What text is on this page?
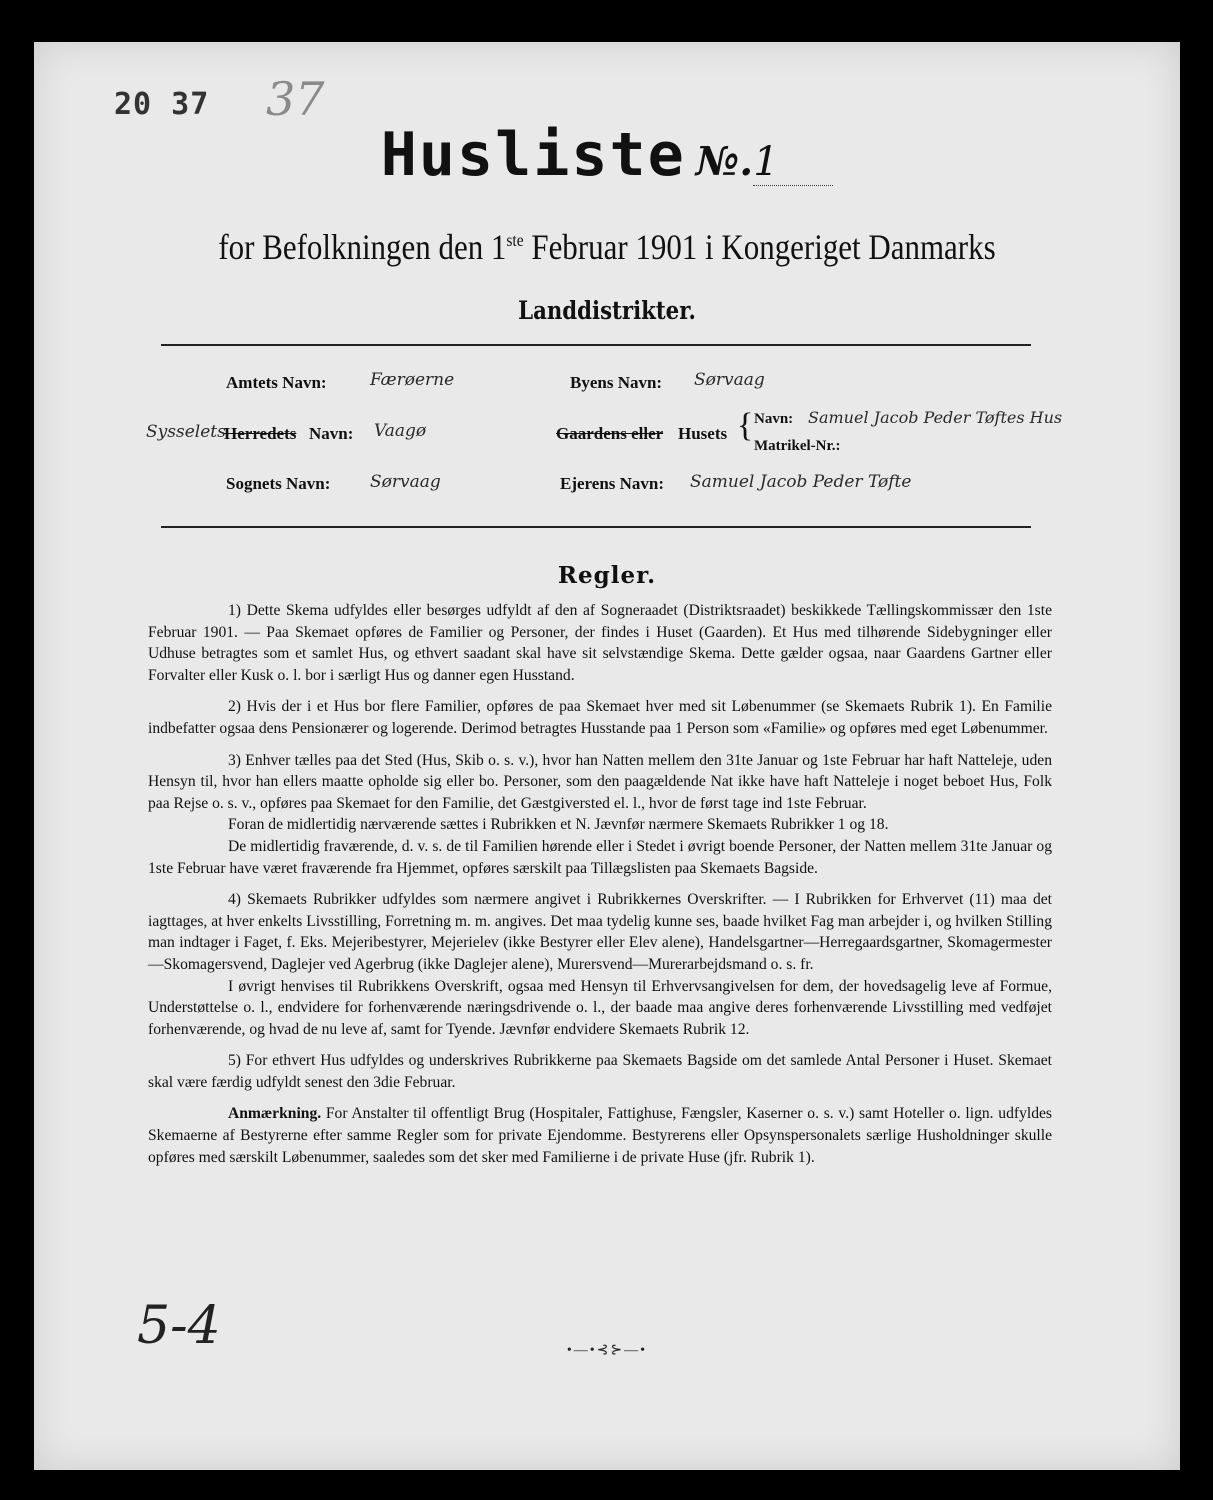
20 37 37
Husliste №.1
for Befolkningen den 1ste Februar 1901 i Kongeriget Danmarks
Landdistrikter.
Amtets Navn:	Færøerne	Byens Navn: Sørvaag
Sysselets
Herredets Navn: Vaagø	Gaardens eller Husets { Navn: Samuel Jacob Peder Tøftes Hus
Matrikel-Nr.:
Sognets Navn: Sørvaag	Ejerens Navn: Samuel Jacob Peder Tøfte
Regler.

1) Dette Skema udfyldes eller besørges udfyldt af den af Sogneraadet (Distriktsraadet) beskikkede Tællingskommissær den 1ste Februar 1901. — Paa Skemaet opføres de Familier og Personer, der findes i Huset (Gaarden). Et Hus med tilhørende Sidebygninger eller Udhuse betragtes som et samlet Hus, og ethvert saadant skal have sit selvstændige Skema. Dette gælder ogsaa, naar Gaardens Gartner eller Forvalter eller Kusk o. l. bor i særligt Hus og danner egen Husstand.

2) Hvis der i et Hus bor flere Familier, opføres de paa Skemaet hver med sit Løbenummer (se Skemaets Rubrik 1). En Familie indbefatter ogsaa dens Pensionærer og logerende. Derimod betragtes Husstande paa 1 Person som «Familie» og opføres med eget Løbenummer.

3) Enhver tælles paa det Sted (Hus, Skib o. s. v.), hvor han Natten mellem den 31te Januar og 1ste Februar har haft Natteleje, uden Hensyn til, hvor han ellers maatte opholde sig eller bo. Personer, som den paagældende Nat ikke have haft Natteleje i noget beboet Hus, Folk paa Rejse o. s. v., opføres paa Skemaet for den Familie, det Gæstgiversted el. l., hvor de først tage ind 1ste Februar.

Foran de midlertidig nærværende sættes i Rubrikken et N. Jævnfør nærmere Skemaets Rubrikker 1 og 18.

De midlertidig fraværende, d. v. s. de til Familien hørende eller i Stedet i øvrigt boende Personer, der Natten mellem 31te Januar og 1ste Februar have været fraværende fra Hjemmet, opføres særskilt paa Tillægslisten paa Skemaets Bagside.

4) Skemaets Rubrikker udfyldes som nærmere angivet i Rubrikkernes Overskrifter. — I Rubrikken for Erhvervet (11) maa det iagttages, at hver enkelts Livsstilling, Forretning m. m. angives. Det maa tydelig kunne ses, baade hvilket Fag man arbejder i, og hvilken Stilling man indtager i Faget, f. Eks. Mejeribestyrer, Mejerielev (ikke Bestyrer eller Elev alene), Handelsgartner—Herregaardsgartner, Skomagermester—Skomagersvend, Daglejer ved Agerbrug (ikke Daglejer alene), Murersvend—Murerarbejdsmand o. s. fr.

I øvrigt henvises til Rubrikkens Overskrift, ogsaa med Hensyn til Erhvervsangivelsen for dem, der hovedsagelig leve af Formue, Understøttelse o. l., endvidere for forhenværende næringsdrivende o. l., der baade maa angive deres forhenværende Livsstilling med vedføjet forhenværende, og hvad de nu leve af, samt for Tyende. Jævnfør endvidere Skemaets Rubrik 12.

5) For ethvert Hus udfyldes og underskrives Rubrikkerne paa Skemaets Bagside om det samlede Antal Personer i Huset. Skemaet skal være færdig udfyldt senest den 3die Februar.

Anmærkning. For Anstalter til offentligt Brug (Hospitaler, Fattighuse, Fængsler, Kaserner o. s. v.) samt Hoteller o. lign. udfyldes Skemaerne af Bestyrerne efter samme Regler som for private Ejendomme. Bestyrerens eller Opsynspersonalets særlige Husholdninger skulle opføres med særskilt Løbenummer, saaledes som det sker med Familierne i de private Huse (jfr. Rubrik 1).

5-4	•—•⊰⊱—•
